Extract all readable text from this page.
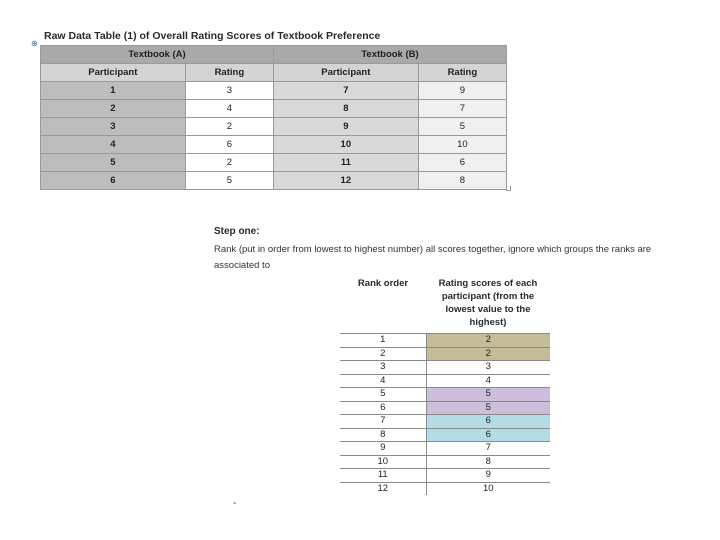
Raw Data Table (1) of Overall Rating Scores of Textbook Preference
⊕
Textbook (A)		Textbook (B)	
Participant	Rating	Participant	Rating
1	3	7	9
2	4	8	7
3	2	9	5
4	6	10	10
5	2	11	6
6	5	12	8
Step one:
Rank (put in order from lowest to highest number) all scores together, ignore which groups the ranks are associated to
Rank order	Rating scores of each participant (from the lowest value to the highest)
1	2
2	2
3	3
4	4
5	5
6	5
7	6
8	6
9	7
10	8
11	9
12	10
-
